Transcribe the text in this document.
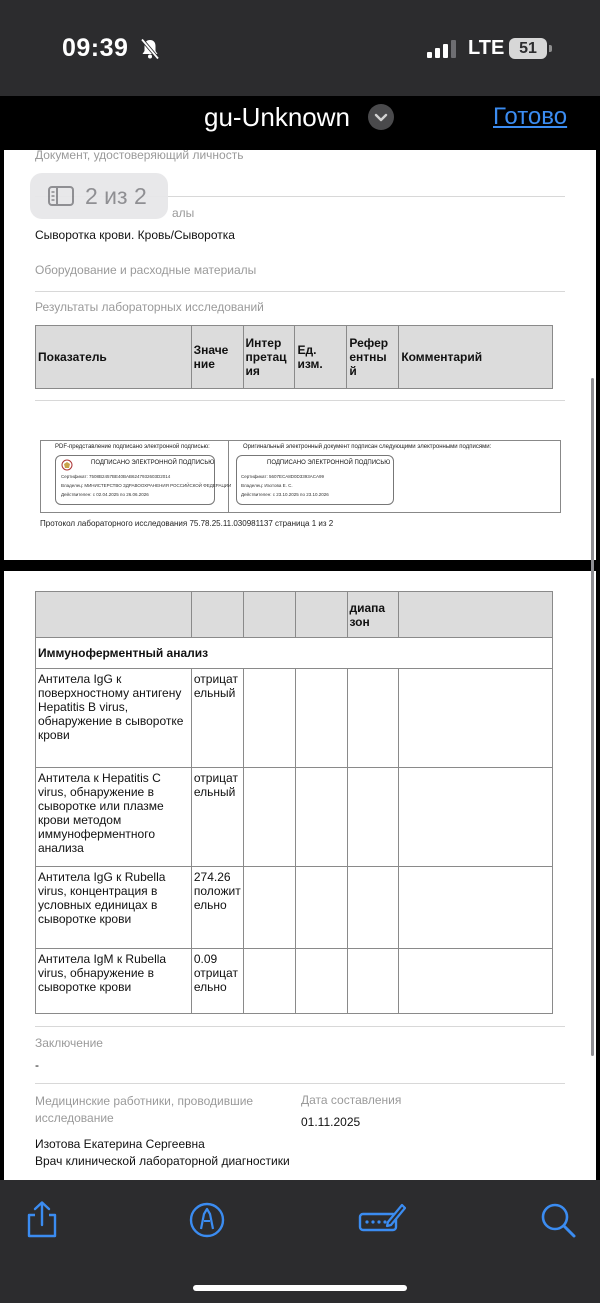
09:39	LTE 51
gu-Unknown	Готово
Документ, удостоверяющий личность
алы
Сыворотка крови. Кровь/Сыворотка
Оборудование и расходные материалы
Результаты лабораторных исследований
Показатель	Значе ние	Интер претац ия	Ед. изм.	Рефер ентны й	Комментарий
PDF-представление подписано электронной подписью:
ПОДПИСАНО ЭЛЕКТРОННОЙ ПОДПИСЬЮ
Сертификат: 7508B2457BE40BAB6247932603D2014
Владелец: МИНИСТЕРСТВО ЗДРАВООХРАНЕНИЯ РОССИЙСКОЙ ФЕДЕРАЦИИ
Действителен: с 02.04.2025 по 26.06.2026
Оригинальный электронный документ подписан следующими электронными подписями:
ПОДПИСАНО ЭЛЕКТРОННОЙ ПОДПИСЬЮ
Сертификат: 5607ECA8D0D3393ACA99
Владелец: Изотова Е. С.
Действителен: с 23.10.2025 по 23.10.2026
Протокол лабораторного исследования 75.78.25.11.030981137 страница 1 из 2
2 из 2
				диапа зон	
Иммуноферментный анализ					
Антитела IgG к поверхностному антигену Hepatitis B virus, обнаружение в сыворотке крови	отрицат ельный				
Антитела к Hepatitis C virus, обнаружение в сыворотке или плазме крови методом иммуноферментного анализа	отрицат ельный				
Антитела IgG к Rubella virus, концентрация в условных единицах в сыворотке крови	274.26 положит ельно				
Антитела IgM к Rubella virus, обнаружение в сыворотке крови	0.09 отрицат ельно				
Заключение
-
Медицинские работники, проводившие исследование
Дата составления
01.11.2025
Изотова Екатерина Сергеевна
Врач клинической лабораторной диагностики
